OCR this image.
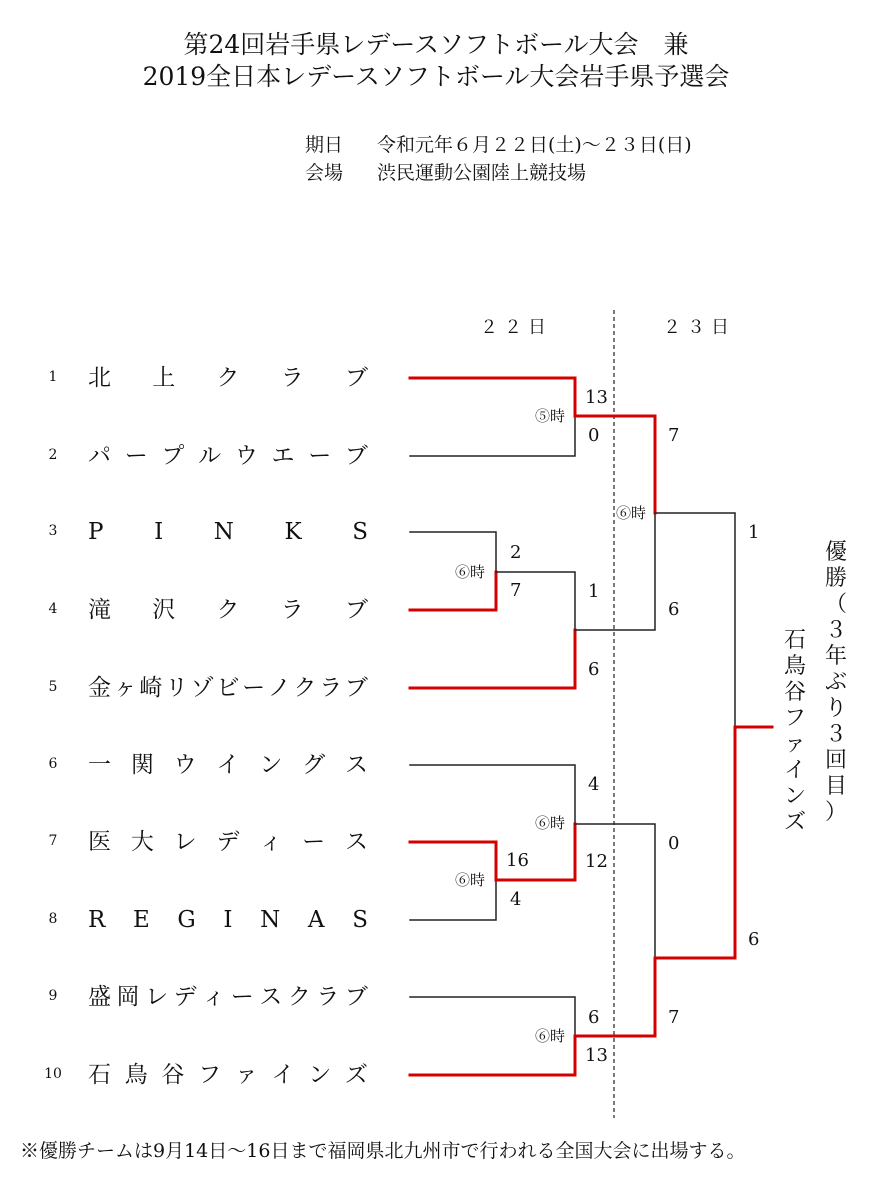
第24回岩手県レデースソフトボール大会　兼
2019全日本レデースソフトボール大会岩手県予選会
期日 令和元年６月２２日(土)～２３日(日)
会場 渋民運動公園陸上競技場
２２日	２３日
1
2
3
4
5
6
7
8
9
10
北 上 ク ラ ブ
パ ー プ ル ウ エ ー ブ
P I N K S
滝 沢 ク ラ ブ
金 ヶ 崎 リ ゾ ビ ー ノ ク ラ ブ
一 関 ウ イ ン グ ス
医 大 レ デ ィ ー ス
R E G I N A S
盛 岡 レ デ ィ ー ス ク ラ ブ
石 鳥 谷 フ ァ イ ン ズ
13
0
⑤時
2
7
⑥時
1
6
16
4
⑥時
4
12
⑥時
6
13
⑥時
7
6
⑥時
0
7
1
6
優
勝
（
３
年
ぶ
り
３
回
目
）
石
鳥
谷
フ
ァ
イ
ン
ズ
※優勝チームは9月14日～16日まで福岡県北九州市で行われる全国大会に出場する。
